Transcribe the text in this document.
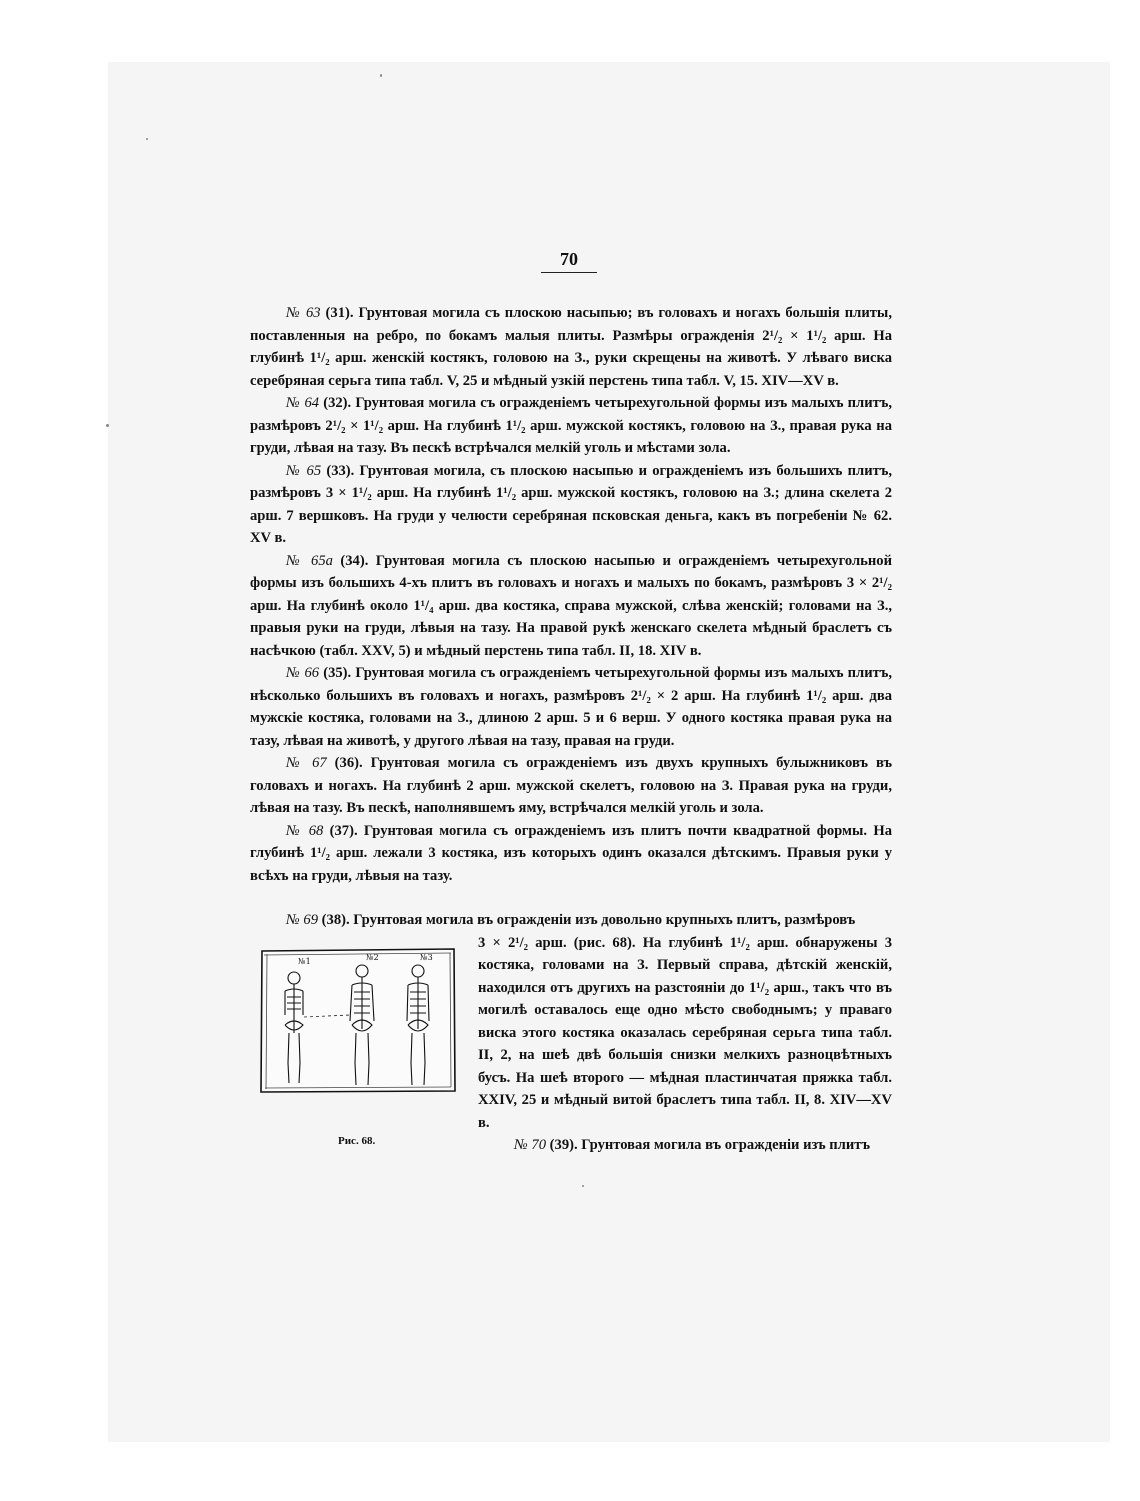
70

№ 63 (31). Грунтовая могила съ плоскою насыпью; въ головахъ и ногахъ большія плиты, поставленныя на ребро, по бокамъ малыя плиты. Размѣры огражденія 2¹/₂ × 1¹/₂ арш. На глубинѣ 1¹/₂ арш. женскій костякъ, головою на З., руки скрещены на животѣ. У лѣваго виска серебряная серьга типа табл. V, 25 и мѣдный узкій перстень типа табл. V, 15. XIV—XV в.

№ 64 (32). Грунтовая могила съ огражденіемъ четырехугольной формы изъ малыхъ плитъ, размѣровъ 2¹/₂ × 1¹/₂ арш. На глубинѣ 1¹/₂ арш. мужской костякъ, головою на З., правая рука на груди, лѣвая на тазу. Въ пескѣ встрѣчался мелкій уголь и мѣстами зола.

№ 65 (33). Грунтовая могила, съ плоскою насыпью и огражденіемъ изъ большихъ плитъ, размѣровъ 3 × 1¹/₂ арш. На глубинѣ 1¹/₂ арш. мужской костякъ, головою на З.; длина скелета 2 арш. 7 вершковъ. На груди у челюсти серебряная псковская деньга, какъ въ погребеніи № 62. XV в.

№ 65а (34). Грунтовая могила съ плоскою насыпью и огражденіемъ четырехугольной формы изъ большихъ 4-хъ плитъ въ головахъ и ногахъ и малыхъ по бокамъ, размѣровъ 3 × 2¹/₂ арш. На глубинѣ около 1¹/₄ арш. два костяка, справа мужской, слѣва женскій; головами на З., правыя руки на груди, лѣвыя на тазу. На правой рукѣ женскаго скелета мѣдный браслетъ съ насѣчкою (табл. XXV, 5) и мѣдный перстень типа табл. II, 18. XIV в.

№ 66 (35). Грунтовая могила съ огражденіемъ четырехугольной формы изъ малыхъ плитъ, нѣсколько большихъ въ головахъ и ногахъ, размѣровъ 2¹/₂ × 2 арш. На глубинѣ 1¹/₂ арш. два мужскіе костяка, головами на З., длиною 2 арш. 5 и 6 верш. У одного костяка правая рука на тазу, лѣвая на животѣ, у другого лѣвая на тазу, правая на груди.

№ 67 (36). Грунтовая могила съ огражденіемъ изъ двухъ крупныхъ булыжниковъ въ головахъ и ногахъ. На глубинѣ 2 арш. мужской скелетъ, головою на З. Правая рука на груди, лѣвая на тазу. Въ пескѣ, наполнявшемъ яму, встрѣчался мелкій уголь и зола.

№ 68 (37). Грунтовая могила съ огражденіемъ изъ плитъ почти квадратной формы. На глубинѣ 1¹/₂ арш. лежали 3 костяка, изъ которыхъ одинъ оказался дѣтскимъ. Правыя руки у всѣхъ на груди, лѣвыя на тазу.

№ 69 (38). Грунтовая могила въ огражденіи изъ довольно крупныхъ плитъ, размѣровъ

3 × 2¹/₂ арш. (рис. 68). На глубинѣ 1¹/₂ арш. обнаружены 3 костяка, головами на З. Первый справа, дѣтскій женскій, находился отъ другихъ на разстояніи до 1¹/₂ арш., такъ что въ могилѣ оставалось еще одно мѣсто свободнымъ; у праваго виска этого костяка оказалась серебряная серьга типа табл. II, 2, на шеѣ двѣ большія снизки мелкихъ разноцвѣтныхъ бусъ. На шеѣ второго — мѣдная пластинчатая пряжка табл. XXIV, 25 и мѣдный витой браслетъ типа табл. II, 8. XIV—XV в.

№ 70 (39). Грунтовая могила въ огражденіи изъ плитъ

№1	№2	№3
Рис. 68.
